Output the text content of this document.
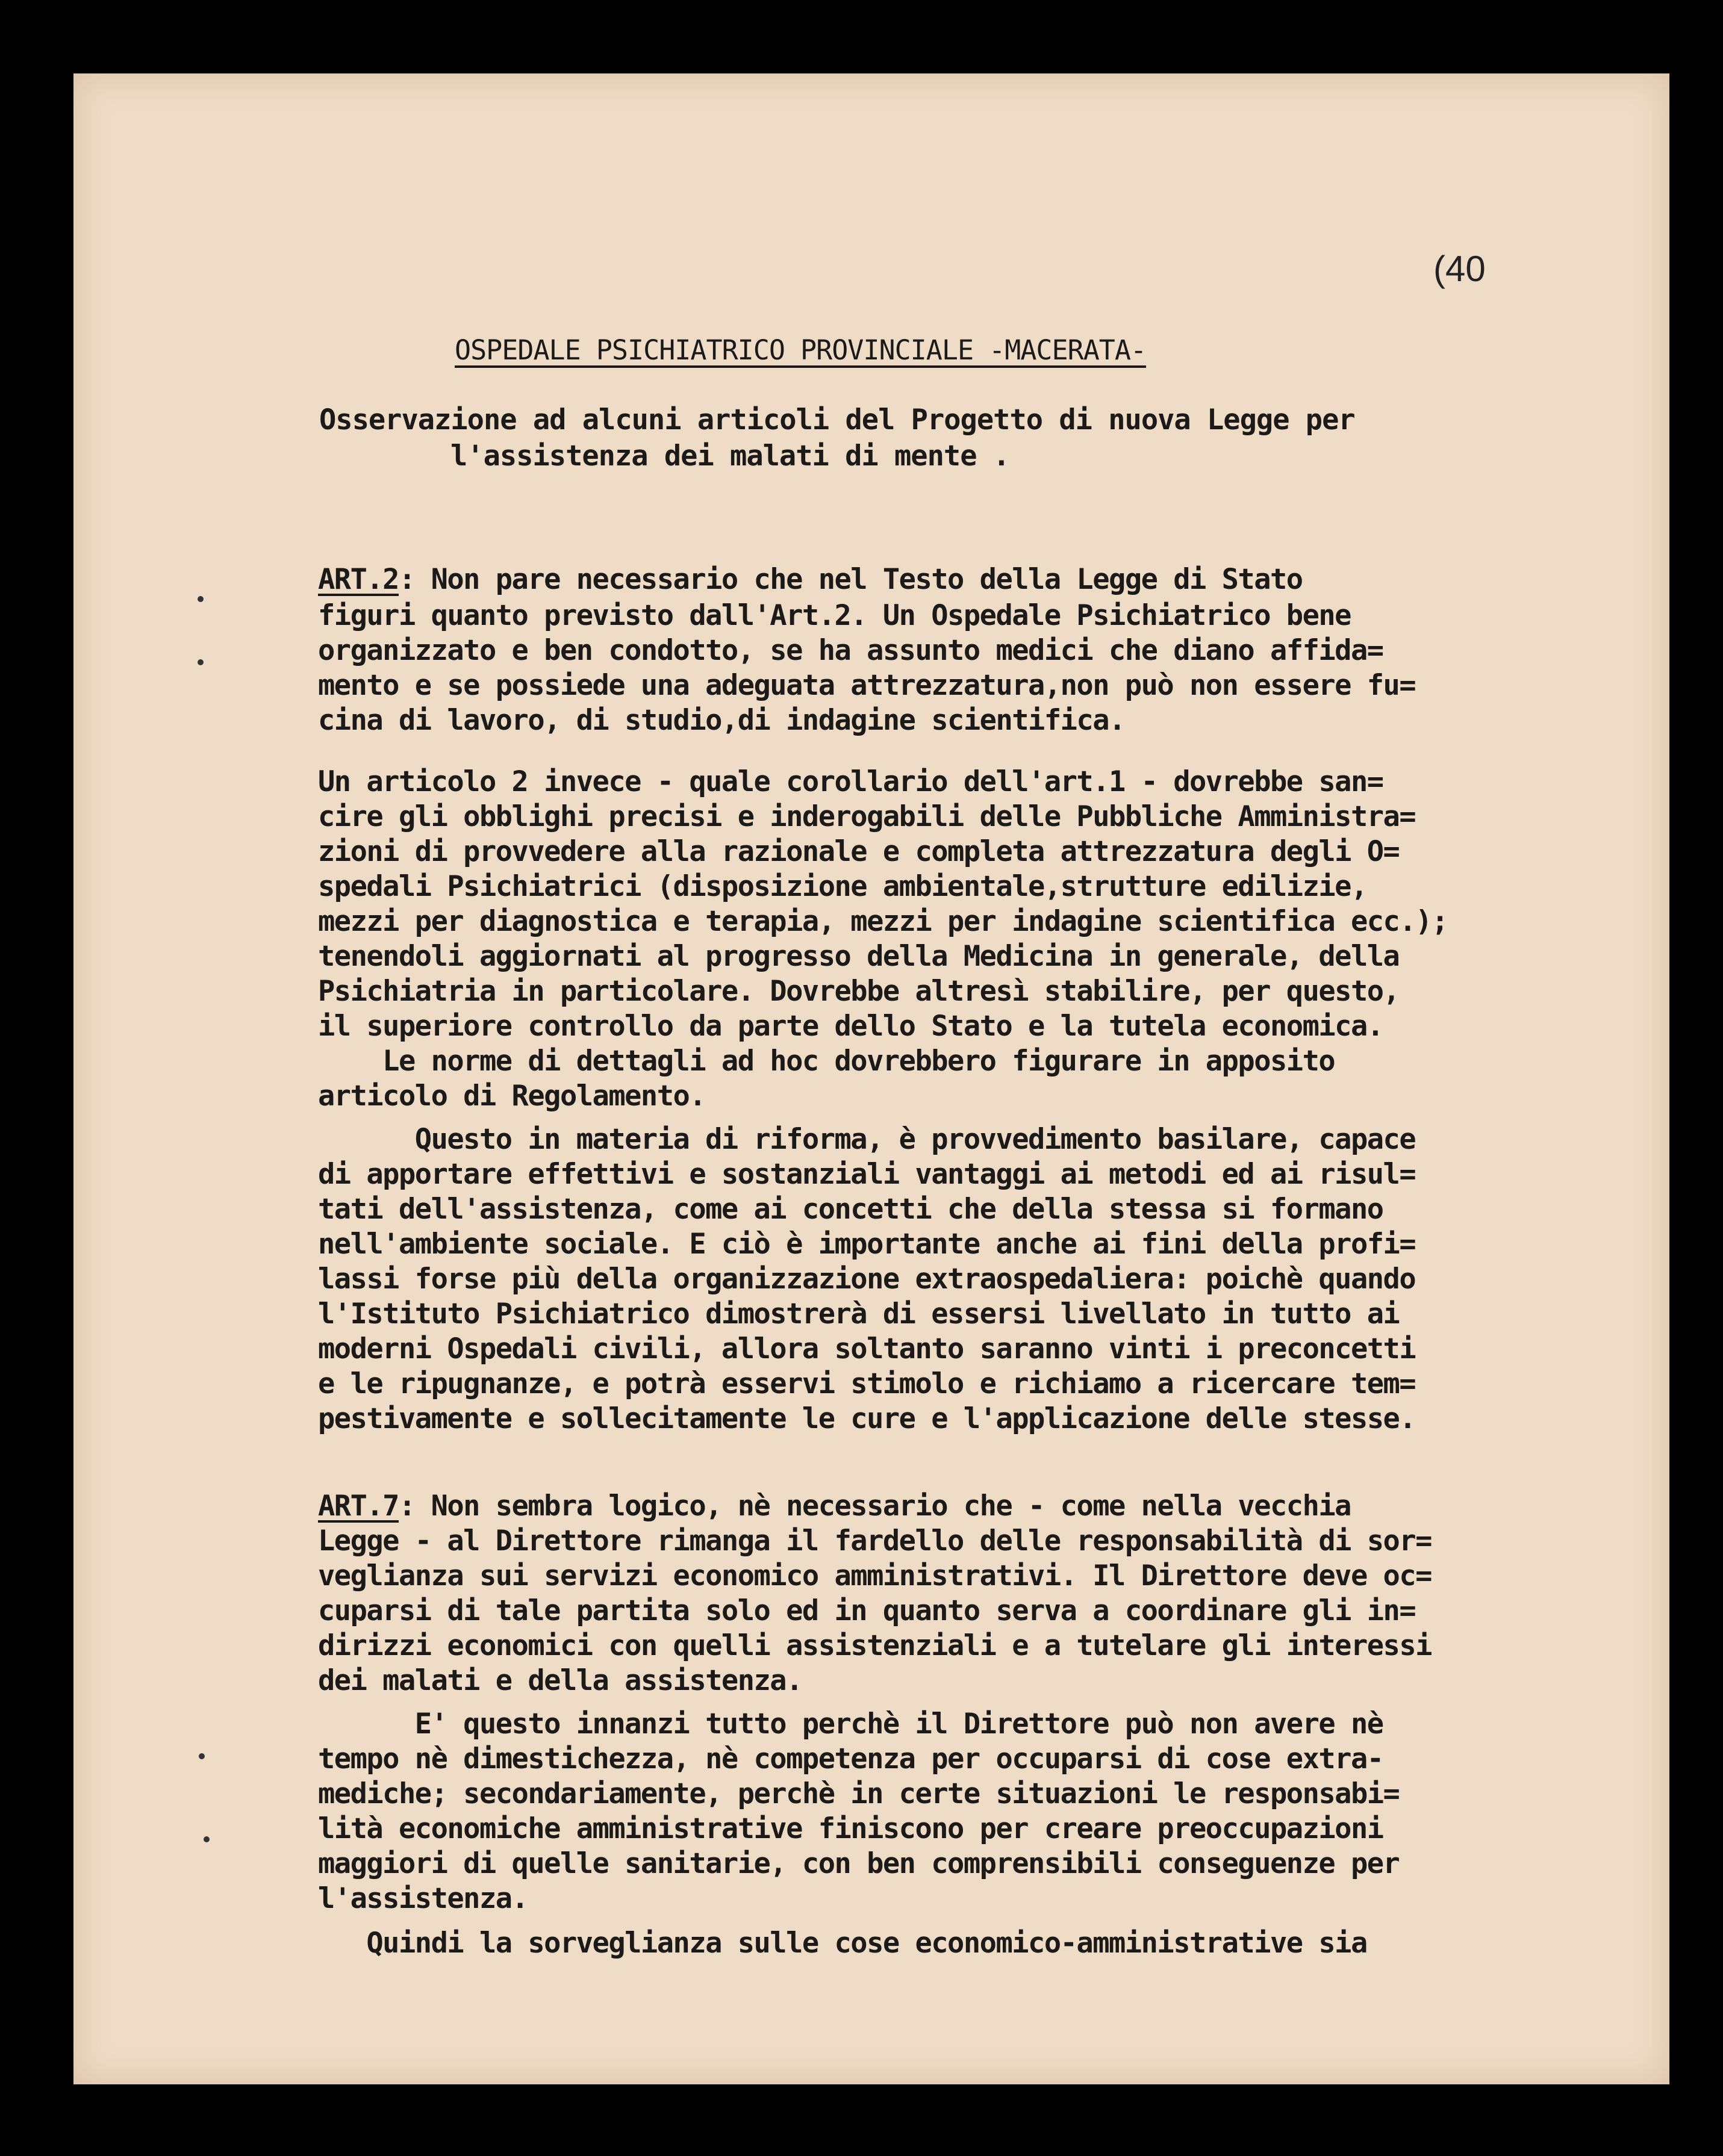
(40
OSPEDALE PSICHIATRICO PROVINCIALE -MACERATA-
Osservazione ad alcuni articoli del Progetto di nuova Legge per
l'assistenza dei malati di mente .
ART.2: Non pare necessario che nel Testo della Legge di Stato
figuri quanto previsto dall'Art.2. Un Ospedale Psichiatrico bene
organizzato e ben condotto, se ha assunto medici che diano affida=
mento e se possiede una adeguata attrezzatura,non può non essere fu=
cina di lavoro, di studio,di indagine scientifica.
Un articolo 2 invece - quale corollario dell'art.1 - dovrebbe san=
cire gli obblighi precisi e inderogabili delle Pubbliche Amministra=
zioni di provvedere alla razionale e completa attrezzatura degli O=
spedali Psichiatrici (disposizione ambientale,strutture edilizie,
mezzi per diagnostica e terapia, mezzi per indagine scientifica ecc.);
tenendoli aggiornati al progresso della Medicina in generale, della
Psichiatria in particolare. Dovrebbe altresì stabilire, per questo,
il superiore controllo da parte dello Stato e la tutela economica.
Le norme di dettagli ad hoc dovrebbero figurare in apposito
articolo di Regolamento.
Questo in materia di riforma, è provvedimento basilare, capace
di apportare effettivi e sostanziali vantaggi ai metodi ed ai risul=
tati dell'assistenza, come ai concetti che della stessa si formano
nell'ambiente sociale. E ciò è importante anche ai fini della profi=
lassi forse più della organizzazione extraospedaliera: poichè quando
l'Istituto Psichiatrico dimostrerà di essersi livellato in tutto ai
moderni Ospedali civili, allora soltanto saranno vinti i preconcetti
e le ripugnanze, e potrà esservi stimolo e richiamo a ricercare tem=
pestivamente e sollecitamente le cure e l'applicazione delle stesse.
ART.7: Non sembra logico, nè necessario che - come nella vecchia
Legge - al Direttore rimanga il fardello delle responsabilità di sor=
veglianza sui servizi economico amministrativi. Il Direttore deve oc=
cuparsi di tale partita solo ed in quanto serva a coordinare gli in=
dirizzi economici con quelli assistenziali e a tutelare gli interessi
dei malati e della assistenza.
E' questo innanzi tutto perchè il Direttore può non avere nè
tempo nè dimestichezza, nè competenza per occuparsi di cose extra-
mediche; secondariamente, perchè in certe situazioni le responsabi=
lità economiche amministrative finiscono per creare preoccupazioni
maggiori di quelle sanitarie, con ben comprensibili conseguenze per
l'assistenza.
Quindi la sorveglianza sulle cose economico-amministrative sia
